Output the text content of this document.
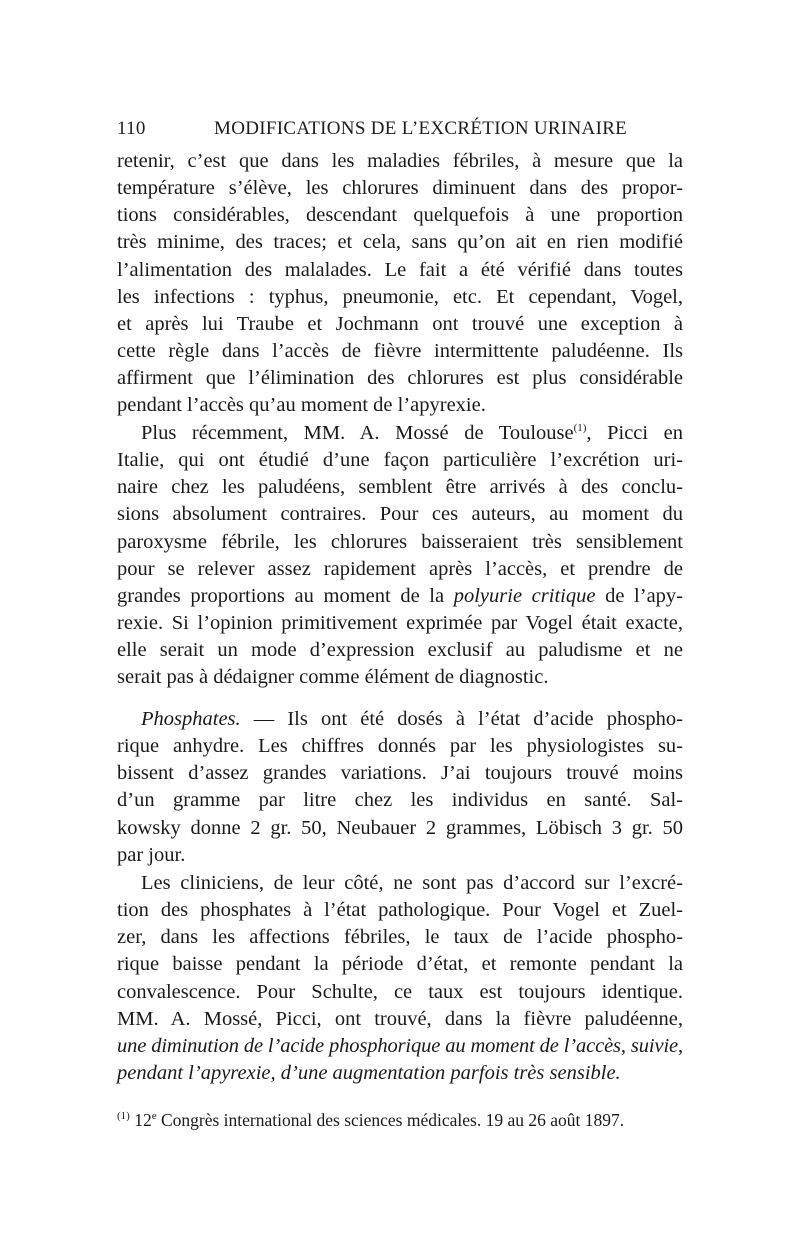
110	MODIFICATIONS DE L’EXCRÉTION URINAIRE
retenir, c’est que dans les maladies fébriles, à mesure que la
température s’élève, les chlorures diminuent dans des propor-
tions considérables, descendant quelquefois à une proportion
très minime, des traces; et cela, sans qu’on ait en rien modifié
l’alimentation des malalades. Le fait a été vérifié dans toutes
les infections : typhus, pneumonie, etc. Et cependant, Vogel,
et après lui Traube et Jochmann ont trouvé une exception à
cette règle dans l’accès de fièvre intermittente paludéenne. Ils
affirment que l’élimination des chlorures est plus considérable
pendant l’accès qu’au moment de l’apyrexie.
Plus récemment, MM. A. Mossé de Toulouse$^{(1)}$, Picci en
Italie, qui ont étudié d’une façon particulière l’excrétion uri-
naire chez les paludéens, semblent être arrivés à des conclu-
sions absolument contraires. Pour ces auteurs, au moment du
paroxysme fébrile, les chlorures baisseraient très sensiblement
pour se relever assez rapidement après l’accès, et prendre de
grandes proportions au moment de la polyurie critique de l’apy-
rexie. Si l’opinion primitivement exprimée par Vogel était exacte,
elle serait un mode d’expression exclusif au paludisme et ne
serait pas à dédaigner comme élément de diagnostic.
Phosphates. — Ils ont été dosés à l’état d’acide phospho-
rique anhydre. Les chiffres donnés par les physiologistes su-
bissent d’assez grandes variations. J’ai toujours trouvé moins
d’un gramme par litre chez les individus en santé. Sal-
kowsky donne 2 gr. 50, Neubauer 2 grammes, Löbisch 3 gr. 50
par jour.
Les cliniciens, de leur côté, ne sont pas d’accord sur l’excré-
tion des phosphates à l’état pathologique. Pour Vogel et Zuel-
zer, dans les affections fébriles, le taux de l’acide phospho-
rique baisse pendant la période d’état, et remonte pendant la
convalescence. Pour Schulte, ce taux est toujours identique.
MM. A. Mossé, Picci, ont trouvé, dans la fièvre paludéenne,
une diminution de l’acide phosphorique au moment de l’accès, suivie,
pendant l’apyrexie, d’une augmentation parfois très sensible.
$^{(1)}$ 12e Congrès international des sciences médicales. 19 au 26 août 1897.
